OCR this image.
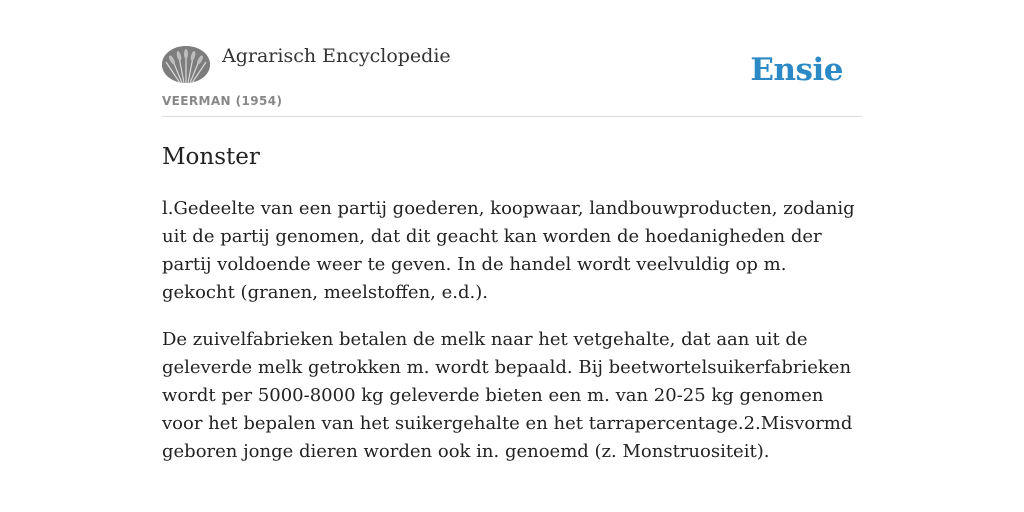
Agrarisch Encyclopedie
VEERMAN (1954)
Ensie
Monster

l.Gedeelte van een partij goederen, koopwaar, landbouwproducten, zodanig uit de partij genomen, dat dit geacht kan worden de hoedanigheden der partij voldoende weer te geven. In de handel wordt veelvuldig op m. gekocht (granen, meelstoffen, e.d.).

De zuivelfabrieken betalen de melk naar het vetgehalte, dat aan uit de geleverde melk getrokken m. wordt bepaald. Bij beetwortelsuikerfabrieken wordt per 5000-8000 kg geleverde bieten een m. van 20-25 kg genomen voor het bepalen van het suikergehalte en het tarrapercentage.2.Misvormd geboren jonge dieren worden ook in. genoemd (z. Monstruositeit).
